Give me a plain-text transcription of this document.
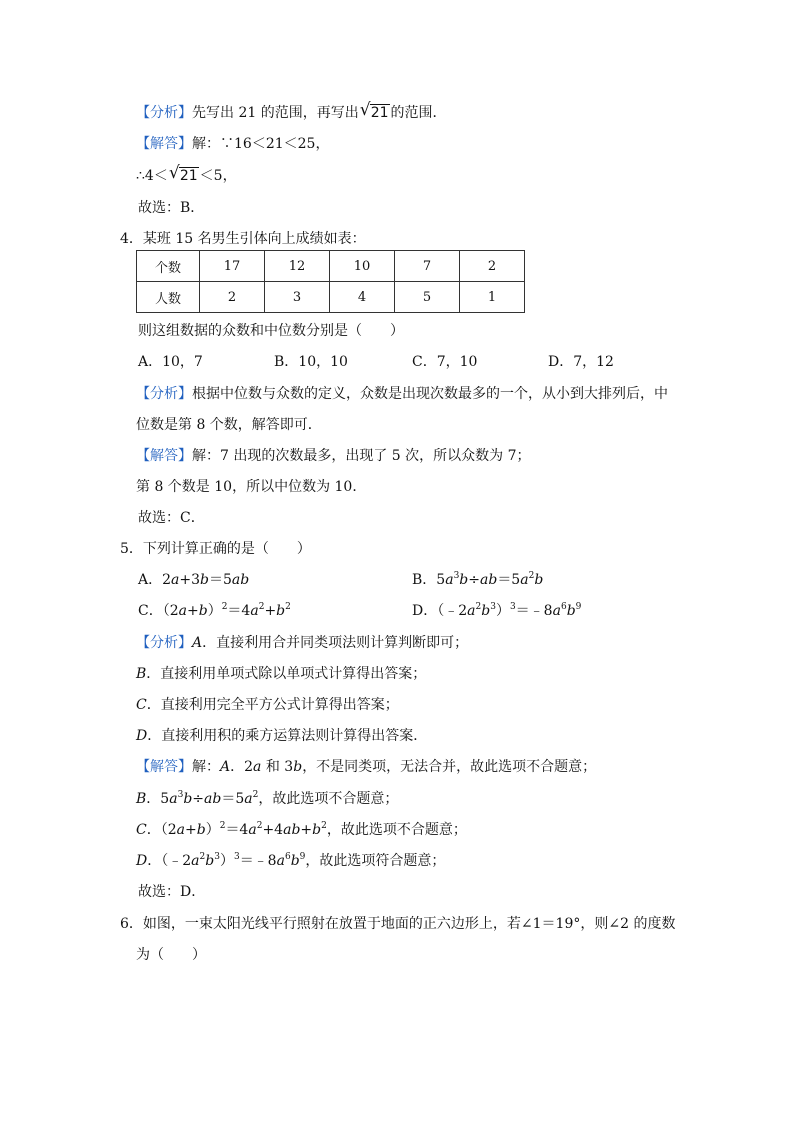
【分析】先写出 21 的范围，再写出 √ 21 的范围．
【解答】解：∵16＜21＜25，
∴4＜ √ 21 ＜5，
故选：B．
4．某班 15 名男生引体向上成绩如表：
个数	17	12	10	7	2
人数	2	3	4	5	1
则这组数据的众数和中位数分别是（　　）
A．10，7	B．10，10	C．7，10	D．7，12
【分析】根据中位数与众数的定义，众数是出现次数最多的一个，从小到大排列后，中
位数是第 8 个数，解答即可．
【解答】解：7 出现的次数最多，出现了 5 次，所以众数为 7；
第 8 个数是 10，所以中位数为 10．
故选：C．
5．下列计算正确的是（　　）
A．2a+3b＝5ab	B．$5a^3b\div ab=5a^2b$
C．$(2a+b)^2=4a^2+b^2$	D．$(﹣2a^2b^3)^3=﹣8a^6b^9$
【分析】A．直接利用合并同类项法则计算判断即可；
B．直接利用单项式除以单项式计算得出答案；
C．直接利用完全平方公式计算得出答案；
D．直接利用积的乘方运算法则计算得出答案．
【解答】解：A．2a 和 3b，不是同类项，无法合并，故此选项不合题意；
B．$5a^3b\div ab=5a^2$，故此选项不合题意；
C．$(2a+b)^2=4a^2+4ab+b^2$，故此选项不合题意；
D．$(﹣2a^2b^3)^3=﹣8a^6b^9$，故此选项符合题意；
故选：D．
6．如图，一束太阳光线平行照射在放置于地面的正六边形上，若∠1＝19°，则∠2 的度数
为（　　）
